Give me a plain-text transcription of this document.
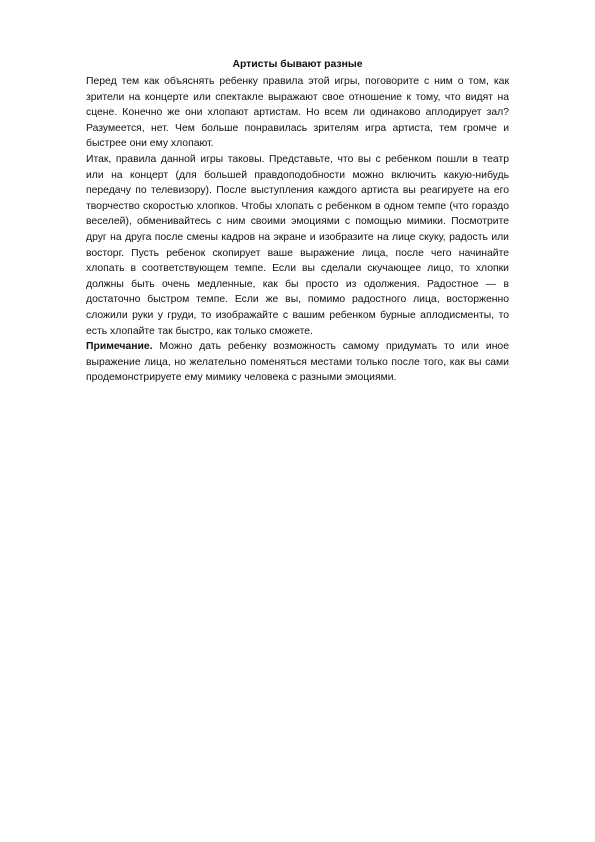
Артисты бывают разные

Перед тем как объяснять ребенку правила этой игры, поговорите с ним о том, как зрители на концерте или спектакле выражают свое отношение к тому, что видят на сцене. Конечно же они хлопают артистам. Но всем ли одинаково аплодирует зал? Разумеется, нет. Чем больше понравилась зрителям игра артиста, тем громче и быстрее они ему хлопают.

Итак, правила данной игры таковы. Представьте, что вы с ребенком пошли в театр или на концерт (для большей правдоподобности можно включить какую-нибудь передачу по телевизору). После выступления каждого артиста вы реагируете на его творчество скоростью хлопков. Чтобы хлопать с ребенком в одном темпе (что гораздо веселей), обменивайтесь с ним своими эмоциями с помощью мимики. Посмотрите друг на друга после смены кадров на экране и изобразите на лице скуку, радость или восторг. Пусть ребенок скопирует ваше выражение лица, после чего начинайте хлопать в соответствующем темпе. Если вы сделали скучающее лицо, то хлопки должны быть очень медленные, как бы просто из одолжения. Радостное — в достаточно быстром темпе. Если же вы, помимо радостного лица, восторженно сложили руки у груди, то изображайте с вашим ребенком бурные аплодисменты, то есть хлопайте так быстро, как только сможете.

Примечание. Можно дать ребенку возможность самому придумать то или иное выражение лица, но желательно поменяться местами только после того, как вы сами продемонстрируете ему мимику человека с разными эмоциями.
